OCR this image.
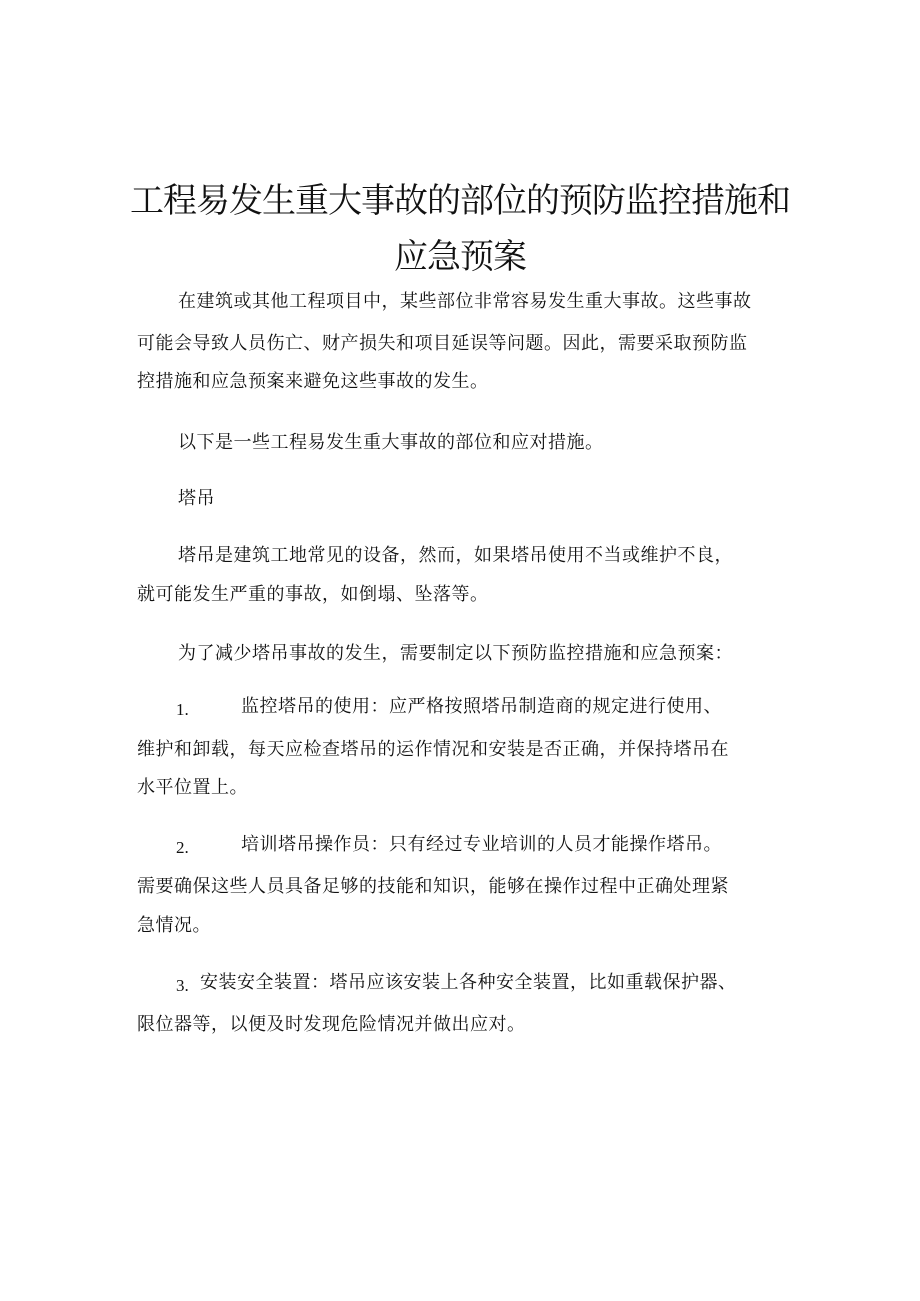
工程易发生重大事故的部位的预防监控措施和
应急预案
在建筑或其他工程项目中，某些部位非常容易发生重大事故。这些事故
可能会导致人员伤亡、财产损失和项目延误等问题。因此，需要采取预防监
控措施和应急预案来避免这些事故的发生。
以下是一些工程易发生重大事故的部位和应对措施。
塔吊
塔吊是建筑工地常见的设备，然而，如果塔吊使用不当或维护不良，
就可能发生严重的事故，如倒塌、坠落等。
为了减少塔吊事故的发生，需要制定以下预防监控措施和应急预案：
1.	监控塔吊的使用：应严格按照塔吊制造商的规定进行使用、
维护和卸载，每天应检查塔吊的运作情况和安装是否正确，并保持塔吊在
水平位置上。
2.	培训塔吊操作员：只有经过专业培训的人员才能操作塔吊。
需要确保这些人员具备足够的技能和知识，能够在操作过程中正确处理紧
急情况。
3. 安装安全装置：塔吊应该安装上各种安全装置，比如重载保护器、
限位器等，以便及时发现危险情况并做出应对。
